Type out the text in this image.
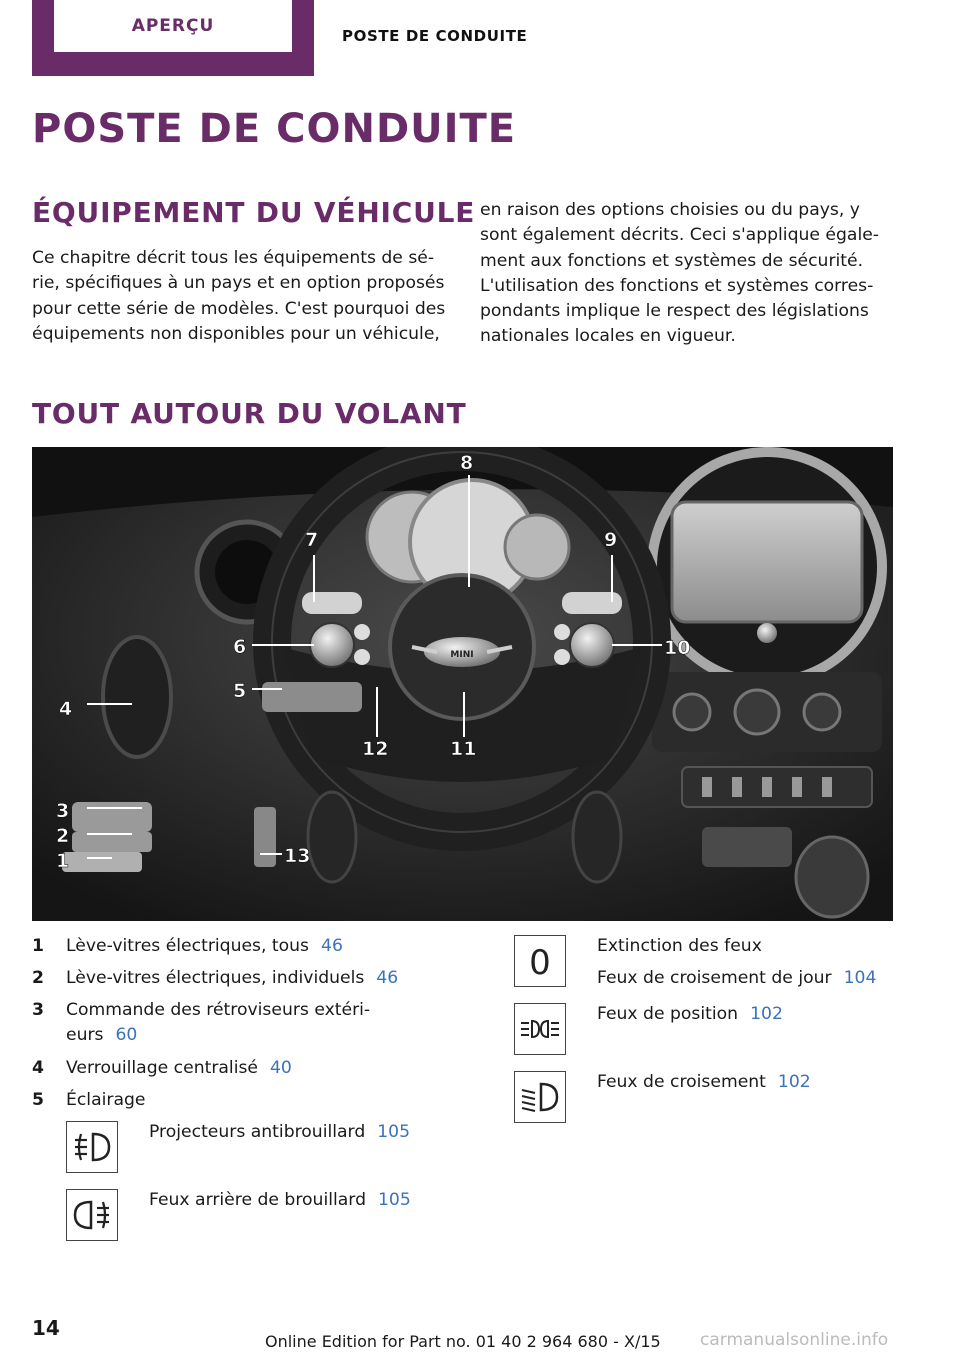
APERÇU	POSTE DE CONDUITE
POSTE DE CONDUITE
ÉQUIPEMENT DU VÉHICULE

Ce chapitre décrit tous les équipements de sé-
rie, spécifiques à un pays et en option proposés
pour cette série de modèles. C'est pourquoi des
équipements non disponibles pour un véhicule,

en raison des options choisies ou du pays, y
sont également décrits. Ceci s'applique égale-
ment aux fonctions et systèmes de sécurité.
L'utilisation des fonctions et systèmes corres-
pondants implique le respect des législations
nationales locales en vigueur.

TOUT AUTOUR DU VOLANT
MINI
4
3
2
1
5
6
7
8
9
10
11
12
13
1 Lève-vitres électriques, tous 46
2 Lève-vitres électriques, individuels 46
3 Commande des rétroviseurs extéri-
eurs 60
4 Verrouillage centralisé 40
5 Éclairage
Projecteurs antibrouillard 105
Feux arrière de brouillard 105
0	Extinction des feux
Feux de croisement de jour 104
Feux de position 102
Feux de croisement 102
14
Online Edition for Part no. 01 40 2 964 680 - X/15 carmanualsonline.info
